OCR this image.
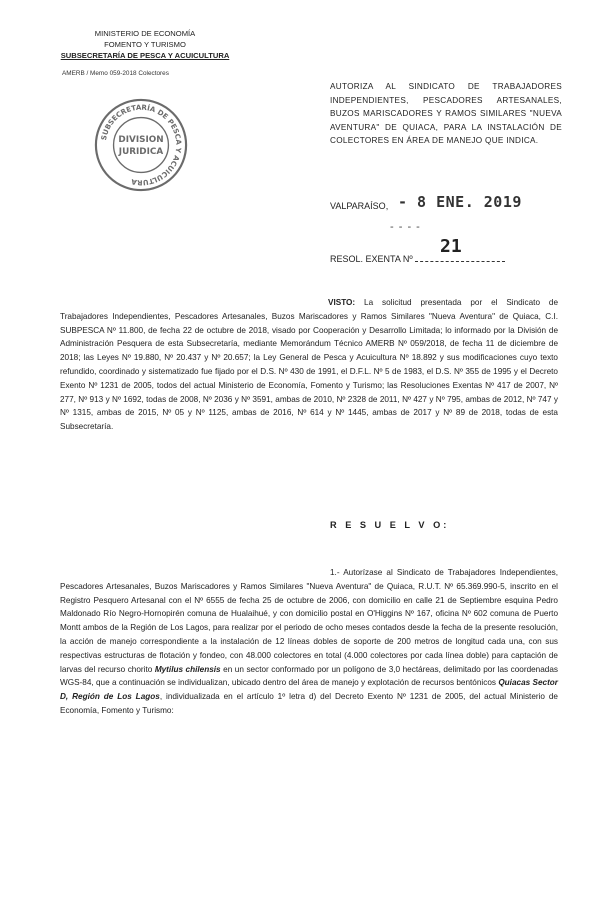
MINISTERIO DE ECONOMÍA
FOMENTO Y TURISMO
SUBSECRETARÍA DE PESCA Y ACUICULTURA
AMERB / Memo 059-2018 Colectores
SUBSECRETARÍA DE PESCA Y ACUICULTURA
DIVISION
JURIDICA
AUTORIZA AL SINDICATO DE TRABAJADORES INDEPENDIENTES, PESCADORES ARTESANALES, BUZOS MARISCADORES Y RAMOS SIMILARES "NUEVA AVENTURA" DE QUIACA, PARA LA INSTALACIÓN DE COLECTORES EN ÁREA DE MANEJO QUE INDICA.
VALPARAÍSO, - 8 ENE. 2019
- - - -
RESOL. EXENTA Nº
21
VISTO: La solicitud presentada por el Sindicato de Trabajadores Independientes, Pescadores Artesanales, Buzos Mariscadores y Ramos Similares "Nueva Aventura" de Quiaca, C.I. SUBPESCA Nº 11.800, de fecha 22 de octubre de 2018, visado por Cooperación y Desarrollo Limitada; lo informado por la División de Administración Pesquera de esta Subsecretaría, mediante Memorándum Técnico AMERB Nº 059/2018, de fecha 11 de diciembre de 2018; las Leyes Nº 19.880, Nº 20.437 y Nº 20.657; la Ley General de Pesca y Acuicultura Nº 18.892 y sus modificaciones cuyo texto refundido, coordinado y sistematizado fue fijado por el D.S. Nº 430 de 1991, el D.F.L. Nº 5 de 1983, el D.S. Nº 355 de 1995 y el Decreto Exento Nº 1231 de 2005, todos del actual Ministerio de Economía, Fomento y Turismo; las Resoluciones Exentas Nº 417 de 2007, Nº 277, Nº 913 y Nº 1692, todas de 2008, Nº 2036 y Nº 3591, ambas de 2010, Nº 2328 de 2011, Nº 427 y Nº 795, ambas de 2012, Nº 747 y Nº 1315, ambas de 2015, Nº 05 y Nº 1125, ambas de 2016, Nº 614 y Nº 1445, ambas de 2017 y Nº 89 de 2018, todas de esta Subsecretaría.
R E S U E L V O:
1.- Autorízase al Sindicato de Trabajadores Independientes, Pescadores Artesanales, Buzos Mariscadores y Ramos Similares "Nueva Aventura" de Quiaca, R.U.T. Nº 65.369.990-5, inscrito en el Registro Pesquero Artesanal con el Nº 6555 de fecha 25 de octubre de 2006, con domicilio en calle 21 de Septiembre esquina Pedro Maldonado Río Negro-Hornopirén comuna de Hualaihué, y con domicilio postal en O'Higgins Nº 167, oficina Nº 602 comuna de Puerto Montt ambos de la Región de Los Lagos, para realizar por el periodo de ocho meses contados desde la fecha de la presente resolución, la acción de manejo correspondiente a la instalación de 12 líneas dobles de soporte de 200 metros de longitud cada una, con sus respectivas estructuras de flotación y fondeo, con 48.000 colectores en total (4.000 colectores por cada línea doble) para captación de larvas del recurso chorito Mytilus chilensis en un sector conformado por un polígono de 3,0 hectáreas, delimitado por las coordenadas WGS-84, que a continuación se individualizan, ubicado dentro del área de manejo y explotación de recursos bentónicos Quiacas Sector D, Región de Los Lagos, individualizada en el artículo 1º letra d) del Decreto Exento Nº 1231 de 2005, del actual Ministerio de Economía, Fomento y Turismo:
